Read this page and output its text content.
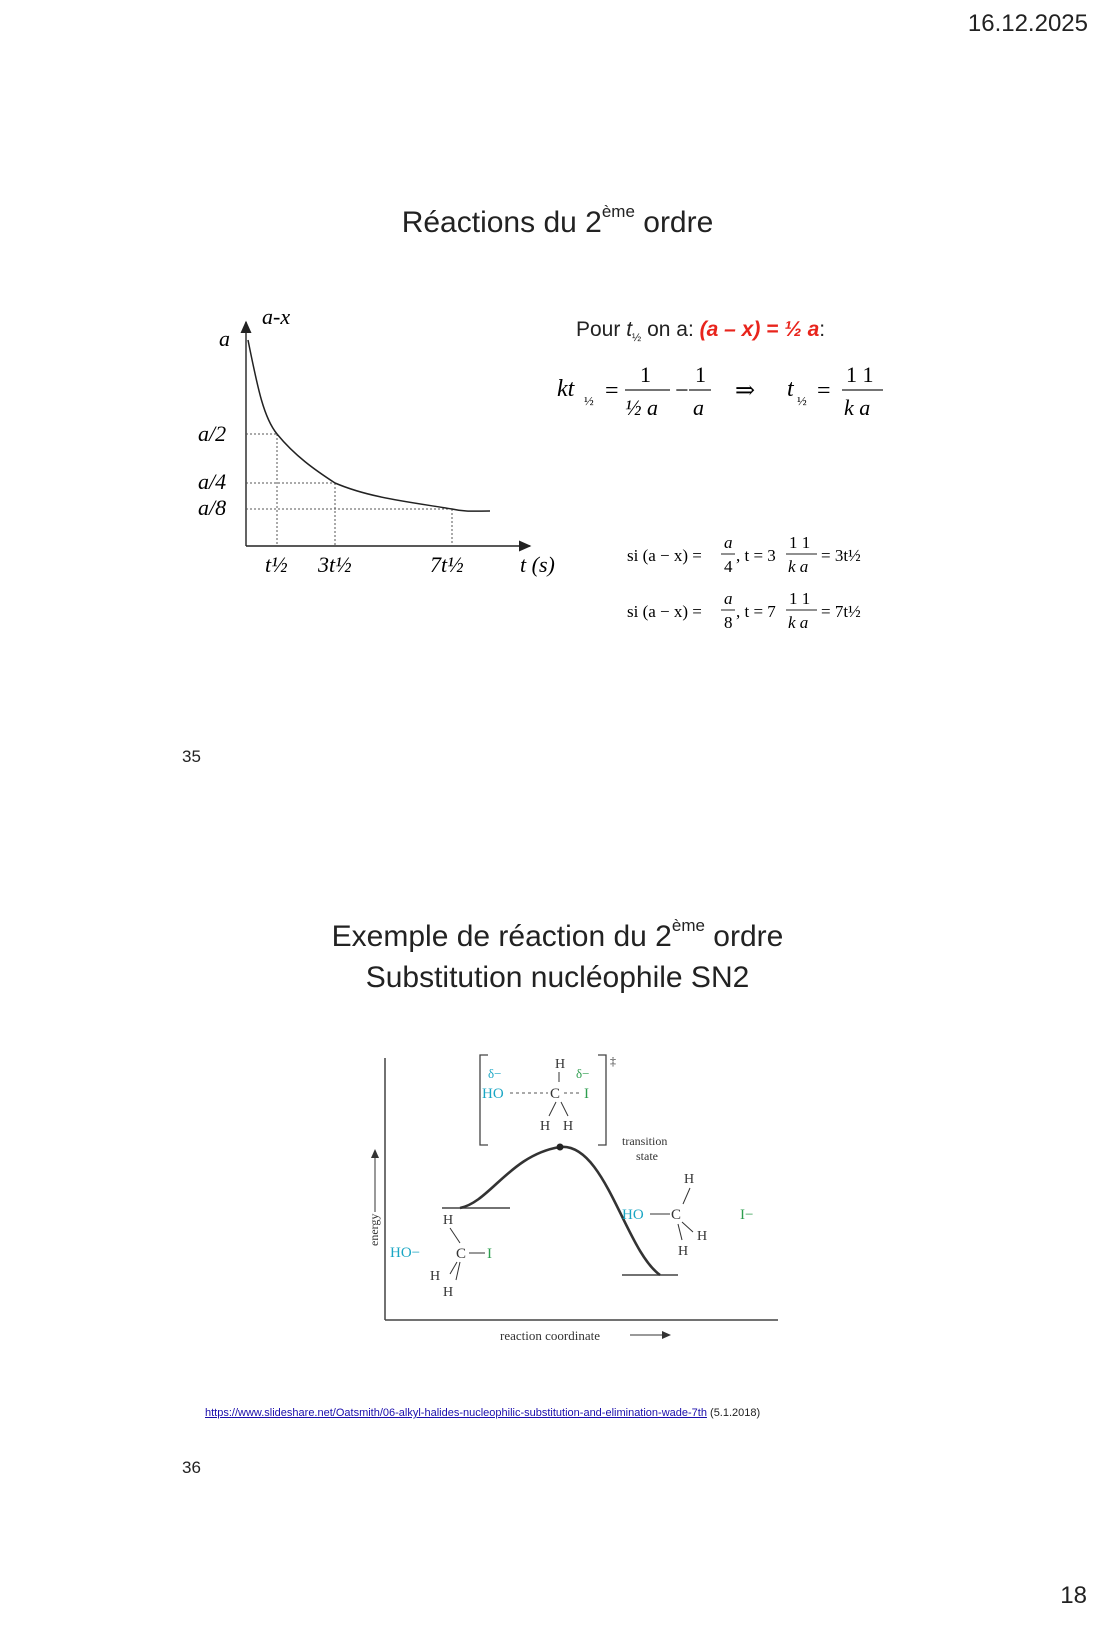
16.12.2025
18
Réactions du 2ème ordre
a-x
a
a/2
a/4
a/8
t½ 3t½	7t½	t (s)
Pour $t_{\frac{1}{2}}$ on a: (a – x) = ½ a:
kt ½ =
1
½ a
−
1
a
⇒ t ½ =
1 1
k a
si (a − x) =
a
4
, t = 3
1 1
k a
= 3t½
si (a − x) =
a
8
, t = 7
1 1
k a
= 7t½
35
Exemple de réaction du 2ème ordre
Substitution nucléophile SN2
energy
reaction coordinate
‡
H
δ−	δ−
HO	C I
H H
transition
state
H
HO− C I
H
H
H
HO C
H
H
I−
https://www.slideshare.net/Oatsmith/06-alkyl-halides-nucleophilic-substitution-and-elimination-wade-7th (5.1.2018)
36
